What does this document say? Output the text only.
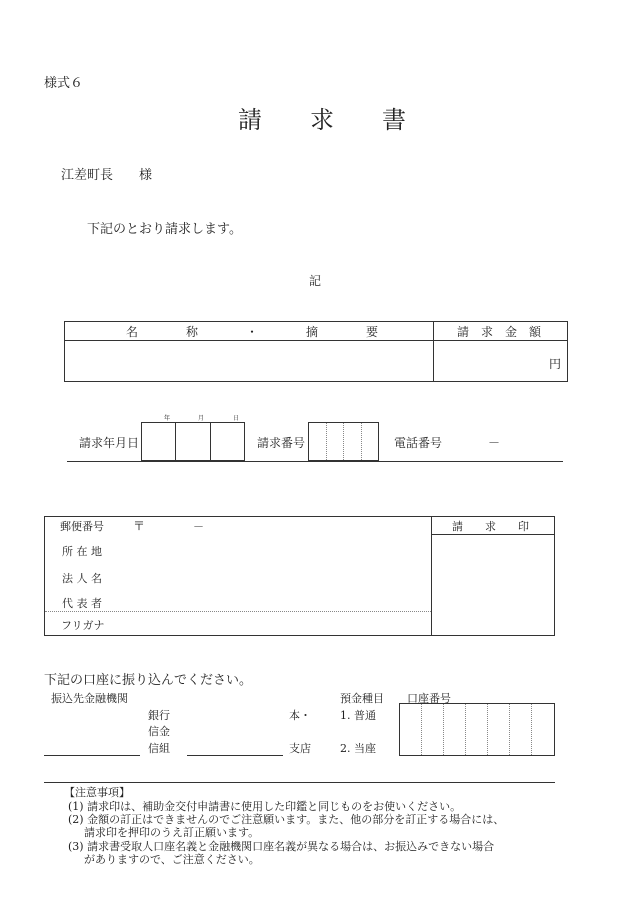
様式６
請　　求　　書
江差町長　　様
下記のとおり請求します。
記
名　　　　称　　　　・　　　　摘　　　　要	請　求　金　額
円
請求年月日
年	月	日
請求番号	電話番号	－
郵便番号 〒	－
所 在 地
法 人 名
代 表 者
フリガナ
請　　求　　印
下記の口座に振り込んでください。
振込先金融機関
銀行
信金
信組
本・
支店
預金種目
1. 普通
2. 当座
口座番号
【注意事項】
(1) 請求印は、補助金交付申請書に使用した印鑑と同じものをお使いください。
(2) 金額の訂正はできませんのでご注意願います。また、他の部分を訂正する場合には、
請求印を押印のうえ訂正願います。
(3) 請求書受取人口座名義と金融機関口座名義が異なる場合は、お振込みできない場合
がありますので、ご注意ください。
